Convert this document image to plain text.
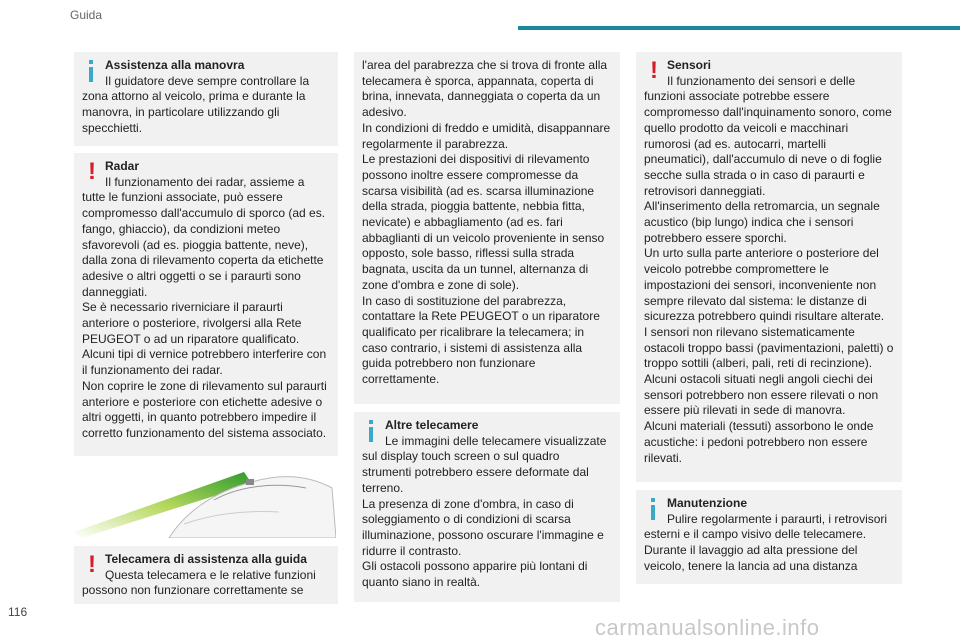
Guida
Assistenza alla manovra
Il guidatore deve sempre controllare la zona attorno al veicolo, prima e durante la manovra, in particolare utilizzando gli specchietti.
! Radar
Il funzionamento dei radar, assieme a tutte le funzioni associate, può essere compromesso dall'accumulo di sporco (ad es. fango, ghiaccio), da condizioni meteo sfavorevoli (ad es. pioggia battente, neve), dalla zona di rilevamento coperta da etichette adesive o altri oggetti o se i paraurti sono danneggiati.
Se è necessario riverniciare il paraurti anteriore o posteriore, rivolgersi alla Rete PEUGEOT o ad un riparatore qualificato. Alcuni tipi di vernice potrebbero interferire con il funzionamento dei radar.
Non coprire le zone di rilevamento sul paraurti anteriore e posteriore con etichette adesive o altri oggetti, in quanto potrebbero impedire il corretto funzionamento del sistema associato.
! Telecamera di assistenza alla guida
Questa telecamera e le relative funzioni possono non funzionare correttamente se
l'area del parabrezza che si trova di fronte alla telecamera è sporca, appannata, coperta di brina, innevata, danneggiata o coperta da un adesivo.
In condizioni di freddo e umidità, disappannare regolarmente il parabrezza.
Le prestazioni dei dispositivi di rilevamento possono inoltre essere compromesse da scarsa visibilità (ad es. scarsa illuminazione della strada, pioggia battente, nebbia fitta, nevicate) e abbagliamento (ad es. fari abbaglianti di un veicolo proveniente in senso opposto, sole basso, riflessi sulla strada bagnata, uscita da un tunnel, alternanza di zone d'ombra e zone di sole).
In caso di sostituzione del parabrezza, contattare la Rete PEUGEOT o un riparatore qualificato per ricalibrare la telecamera; in caso contrario, i sistemi di assistenza alla guida potrebbero non funzionare correttamente.
Altre telecamere
Le immagini delle telecamere visualizzate sul display touch screen o sul quadro strumenti potrebbero essere deformate dal terreno.
La presenza di zone d'ombra, in caso di soleggiamento o di condizioni di scarsa illuminazione, possono oscurare l'immagine e ridurre il contrasto.
Gli ostacoli possono apparire più lontani di quanto siano in realtà.
! Sensori
Il funzionamento dei sensori e delle funzioni associate potrebbe essere compromesso dall'inquinamento sonoro, come quello prodotto da veicoli e macchinari rumorosi (ad es. autocarri, martelli pneumatici), dall'accumulo di neve o di foglie secche sulla strada o in caso di paraurti e retrovisori danneggiati.
All'inserimento della retromarcia, un segnale acustico (bip lungo) indica che i sensori potrebbero essere sporchi.
Un urto sulla parte anteriore o posteriore del veicolo potrebbe compromettere le impostazioni dei sensori, inconveniente non sempre rilevato dal sistema: le distanze di sicurezza potrebbero quindi risultare alterate.
I sensori non rilevano sistematicamente ostacoli troppo bassi (pavimentazioni, paletti) o troppo sottili (alberi, pali, reti di recinzione).
Alcuni ostacoli situati negli angoli ciechi dei sensori potrebbero non essere rilevati o non essere più rilevati in sede di manovra.
Alcuni materiali (tessuti) assorbono le onde acustiche: i pedoni potrebbero non essere rilevati.
Manutenzione
Pulire regolarmente i paraurti, i retrovisori esterni e il campo visivo delle telecamere.
Durante il lavaggio ad alta pressione del veicolo, tenere la lancia ad una distanza
116
carmanualsonline.info
